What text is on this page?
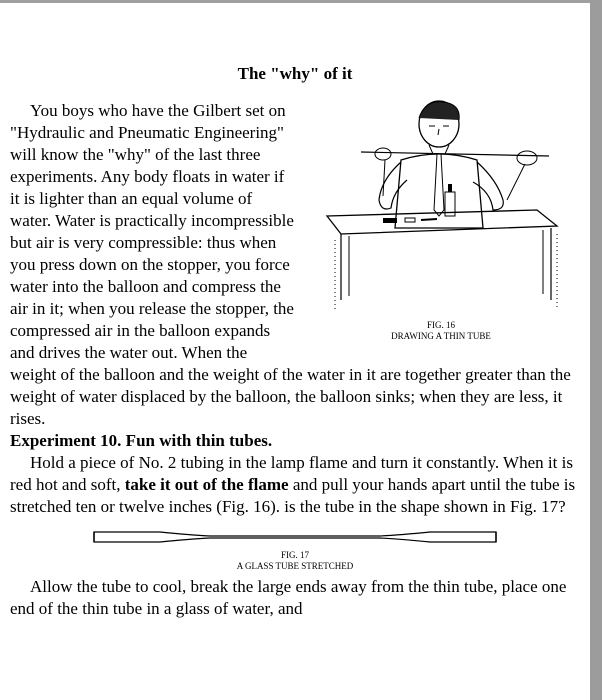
The "why" of it
FIG. 16
DRAWING A THIN TUBE

You boys who have the Gilbert set on "Hydraulic and Pneumatic Engineering" will know the "why" of the last three experiments. Any body floats in water if it is lighter than an equal volume of water. Water is practically incompressible but air is very compressible: thus when you press down on the stopper, you force water into the balloon and compress the air in it; when you release the stopper, the compressed air in the balloon expands and drives the water out. When the weight of the balloon and the weight of the water in it are together greater than the weight of water displaced by the balloon, the balloon sinks; when they are less, it rises.

Experiment 10. Fun with thin tubes.

Hold a piece of No. 2 tubing in the lamp flame and turn it constantly. When it is red hot and soft, take it out of the flame and pull your hands apart until the tube is stretched ten or twelve inches (Fig. 16). is the tube in the shape shown in Fig. 17?

FIG. 17
A GLASS TUBE STRETCHED

Allow the tube to cool, break the large ends away from the thin tube, place one end of the thin tube in a glass of water, and
